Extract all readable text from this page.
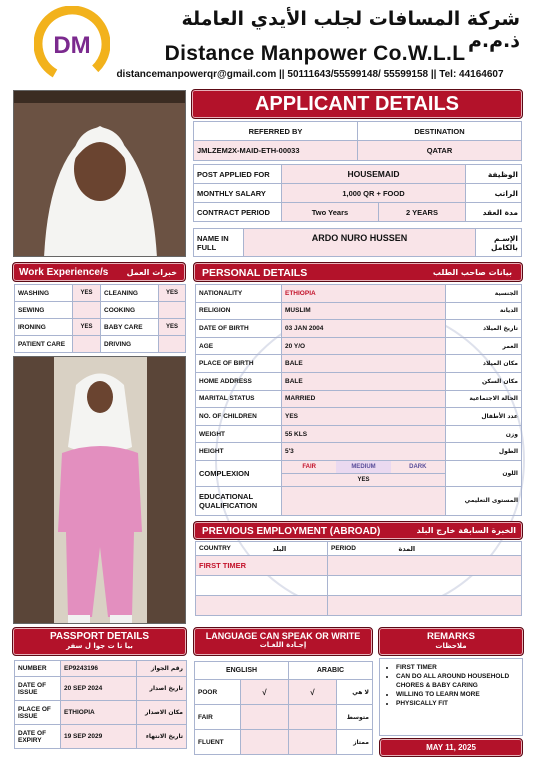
DM
شركة المسافات لجلب الأيدي العاملة ذ.م.م
Distance Manpower Co.W.L.L
distancemanpowerqr@gmail.com || 50111643/55599148/ 55599158 || Tel: 44164607
APPLICANT DETAILS
REFERRED BY	DESTINATION
JMLZEM2X-MAID-ETH-00033	QATAR
POST APPLIED FOR	HOUSEMAID		الوظيفة
MONTHLY SALARY	1,000 QR + FOOD		الراتب
CONTRACT PERIOD	Two Years	2 YEARS	مدة العقد
NAME IN FULL	ARDO NURO HUSSEN	الإسـم بالكامل
Work Experience/s خبرات العمل
WASHING	YES	CLEANING	YES
SEWING		COOKING	
IRONING	YES	BABY CARE	YES
PATIENT CARE		DRIVING	
PERSONAL DETAILS	بيانات صاحب الطلب
NATIONALITY	ETHIOPIA	الجنسية
RELIGION	MUSLIM	الديانة
DATE OF BIRTH	03 JAN 2004	تاريخ الميلاد
AGE	20 Y/O	العمر
PLACE OF BIRTH	BALE	مكان الميلاد
HOME ADDRESS	BALE	مكان السكن
MARITAL STATUS	MARRIED	الحالة الاجتماعية
NO. OF CHILDREN	YES	عدد الأطفال
WEIGHT	55 KLS	وزن
HEIGHT	5'3	الطول
COMPLEXION	FAIR MEDIUM DARK
YES	اللون
EDUCATIONAL QUALIFICATION		المستوى التعليمي
PREVIOUS EMPLOYMENT (ABROAD)	الخبرة السابقة خارج البلد
COUNTRY	البلد	PERIOD	المدة
FIRST TIMER			

PASSPORT DETAILS
بيا نا ت جوا ل سفر
NUMBER	EP9243196	رقم الجواز
DATE OF ISSUE	20 SEP 2024	تاريخ اصدار
PLACE OF ISSUE	ETHIOPIA	مكان الاصدار
DATE OF EXPIRY	19 SEP 2029	تاريخ الانتهاء
LANGUAGE CAN SPEAK OR WRITE
إجـادة اللغـات
ENGLISH		ARABIC	
POOR	√	√	لا هي
FAIR			متوسط
FLUENT			ممتاز
REMARKS
ملاحظات
• FIRST TIMER
• CAN DO ALL AROUND HOUSEHOLD CHORES & BABY CARING
• WILLING TO LEARN MORE
• PHYSICALLY FIT
MAY 11, 2025
